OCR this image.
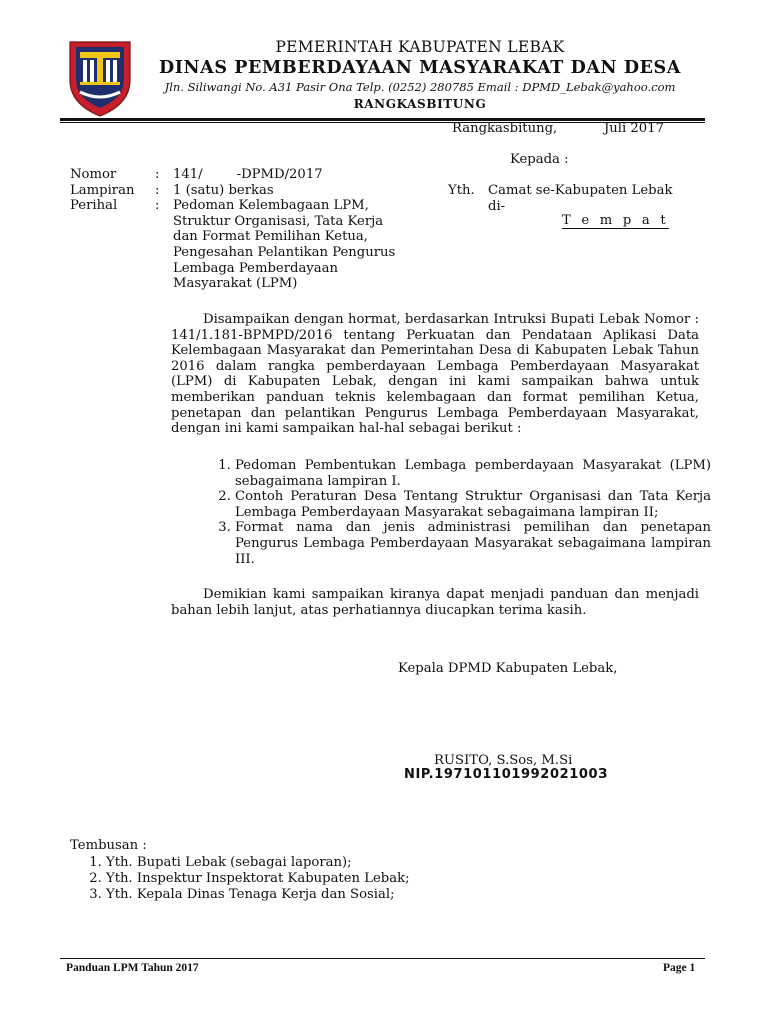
PEMERINTAH KABUPATEN LEBAK
DINAS PEMBERDAYAAN MASYARAKAT DAN DESA
Jln. Siliwangi No. A31 Pasir Ona Telp. (0252) 280785 Email : DPMD_Lebak@yahoo.com
RANGKASBITUNG
Rangkasbitung,	Juli 2017
Kepada :
Nomor	: 141/	-DPMD/2017
Lampiran : 1 (satu) berkas
Perihal	: Pedoman Kelembagaan LPM,
Struktur Organisasi, Tata Kerja
dan Format Pemilihan Ketua,
Pengesahan Pelantikan Pengurus
Lembaga Pemberdayaan
Masyarakat (LPM)
Yth. Camat se-Kabupaten Lebak
di-
T e m p a t
Disampaikan dengan hormat, berdasarkan Intruksi Bupati Lebak Nomor : 141/1.181-BPMPD/2016 tentang Perkuatan dan Pendataan Aplikasi Data Kelembagaan Masyarakat dan Pemerintahan Desa di Kabupaten Lebak Tahun 2016 dalam rangka pemberdayaan Lembaga Pemberdayaan Masyarakat (LPM) di Kabupaten Lebak, dengan ini kami sampaikan bahwa untuk memberikan panduan teknis kelembagaan dan format pemilihan Ketua, penetapan dan pelantikan Pengurus Lembaga Pemberdayaan Masyarakat, dengan ini kami sampaikan hal-hal sebagai berikut :
1. Pedoman Pembentukan Lembaga pemberdayaan Masyarakat (LPM) sebagaimana lampiran I.
2. Contoh Peraturan Desa Tentang Struktur Organisasi dan Tata Kerja Lembaga Pemberdayaan Masyarakat sebagaimana lampiran II;
3. Format nama dan jenis administrasi pemilihan dan penetapan Pengurus Lembaga Pemberdayaan Masyarakat sebagaimana lampiran III.
Demikian kami sampaikan kiranya dapat menjadi panduan dan menjadi bahan lebih lanjut, atas perhatiannya diucapkan terima kasih.
Kepala DPMD Kabupaten Lebak,
RUSITO, S.Sos, M.Si
NIP.19710110199202100З
Tembusan :
1. Yth. Bupati Lebak (sebagai laporan);
2. Yth. Inspektur Inspektorat Kabupaten Lebak;
3. Yth. Kepala Dinas Tenaga Kerja dan Sosial;
Panduan LPM Tahun 2017	Page 1
